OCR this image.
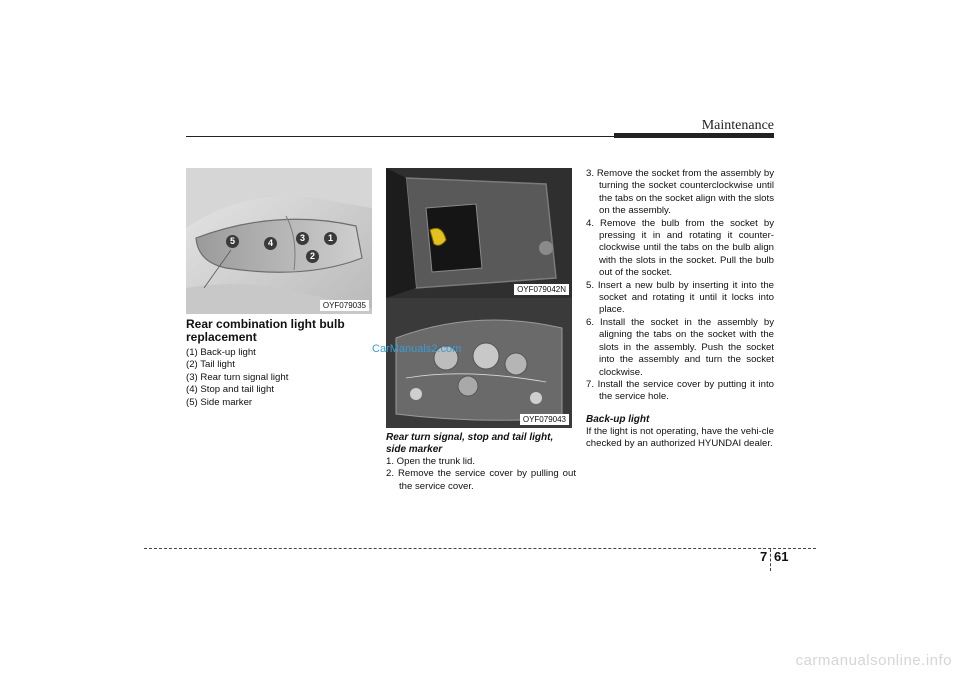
Maintenance
5	4	3	1
2
OYF079035
Rear combination light bulb replacement
(1) Back-up light
(2) Tail light
(3) Rear turn signal light
(4) Stop and tail light
(5) Side marker
OYF079042N
OYF079043
Rear turn signal, stop and tail light, side marker
1. Open the trunk lid.
2. Remove the service cover by pulling out the service cover.
3. Remove the socket from the assembly by turning the socket counterclockwise until the tabs on the socket align with the slots on the assembly.
4. Remove the bulb from the socket by pressing it in and rotating it counter-clockwise until the tabs on the bulb align with the slots in the socket. Pull the bulb out of the socket.
5. Insert a new bulb by inserting it into the socket and rotating it until it locks into place.
6. Install the socket in the assembly by aligning the tabs on the socket with the slots in the assembly. Push the socket into the assembly and turn the socket clockwise.
7. Install the service cover by putting it into the service hole.
Back-up light

If the light is not operating, have the vehi-cle checked by an authorized HYUNDAI dealer.

CarManuals2.com
carmanualsonline.info
7 61
